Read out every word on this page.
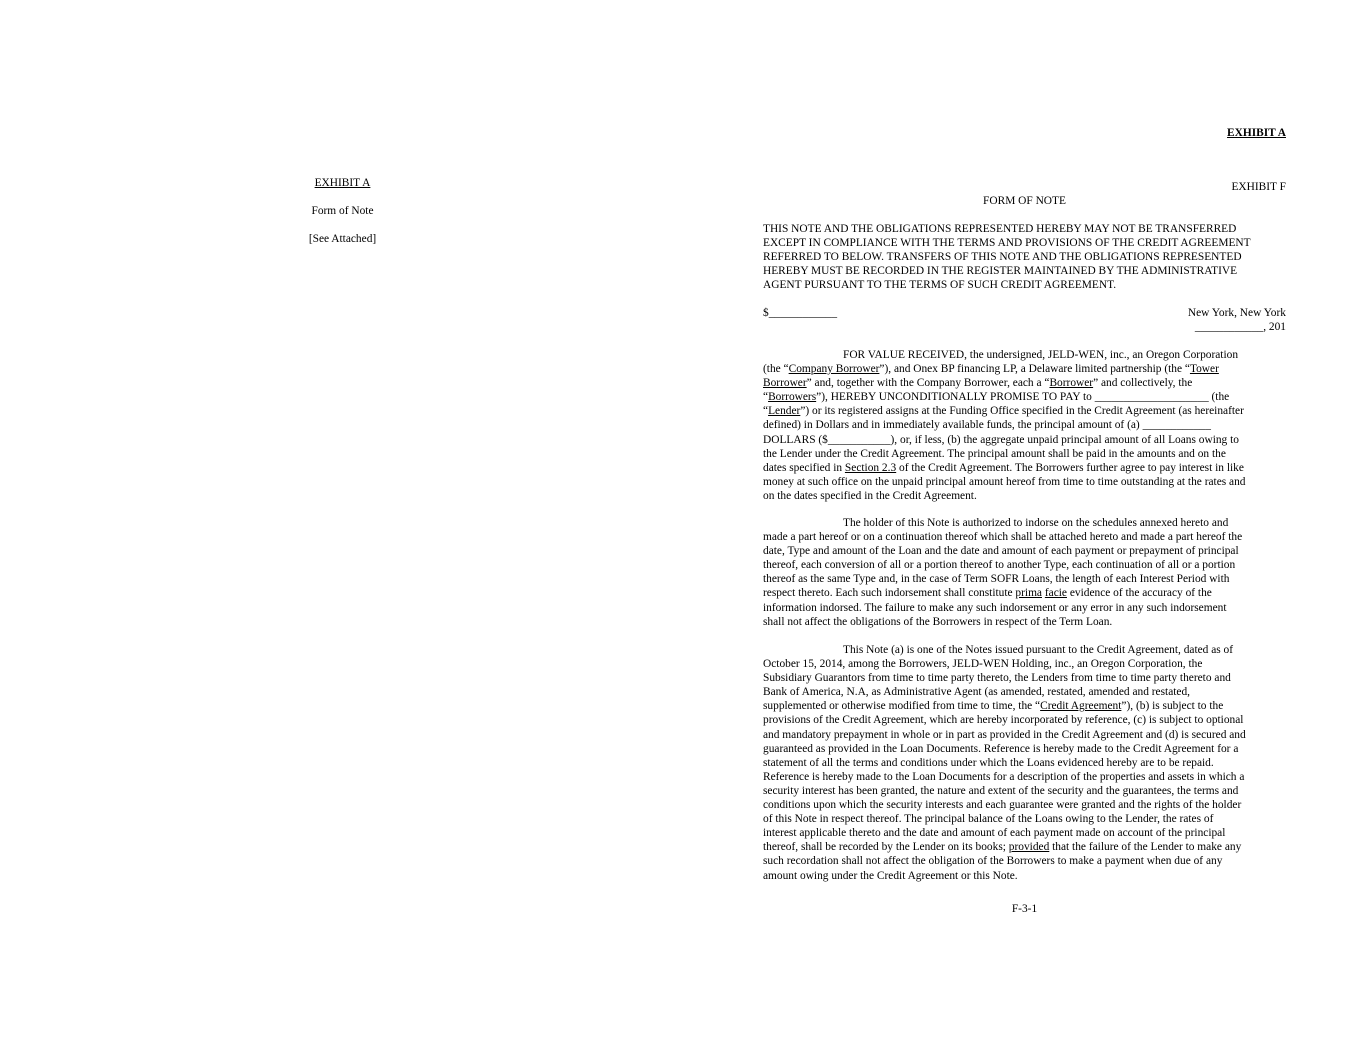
EXHIBIT A
Form of Note
[See Attached]
EXHIBIT A
EXHIBIT F
FORM OF NOTE
THIS NOTE AND THE OBLIGATIONS REPRESENTED HEREBY MAY NOT BE TRANSFERRED
EXCEPT IN COMPLIANCE WITH THE TERMS AND PROVISIONS OF THE CREDIT AGREEMENT
REFERRED TO BELOW. TRANSFERS OF THIS NOTE AND THE OBLIGATIONS REPRESENTED
HEREBY MUST BE RECORDED IN THE REGISTER MAINTAINED BY THE ADMINISTRATIVE
AGENT PURSUANT TO THE TERMS OF SUCH CREDIT AGREEMENT.
$____________	New York, New York
____________, 201
FOR VALUE RECEIVED, the undersigned, JELD-WEN, inc., an Oregon Corporation
(the “Company Borrower”), and Onex BP financing LP, a Delaware limited partnership (the “Tower
Borrower” and, together with the Company Borrower, each a “Borrower” and collectively, the
“Borrowers”), HEREBY UNCONDITIONALLY PROMISE TO PAY to ____________________ (the
“Lender”) or its registered assigns at the Funding Office specified in the Credit Agreement (as hereinafter
defined) in Dollars and in immediately available funds, the principal amount of (a) ____________
DOLLARS ($___________), or, if less, (b) the aggregate unpaid principal amount of all Loans owing to
the Lender under the Credit Agreement. The principal amount shall be paid in the amounts and on the
dates specified in Section 2.3 of the Credit Agreement. The Borrowers further agree to pay interest in like
money at such office on the unpaid principal amount hereof from time to time outstanding at the rates and
on the dates specified in the Credit Agreement.
The holder of this Note is authorized to indorse on the schedules annexed hereto and
made a part hereof or on a continuation thereof which shall be attached hereto and made a part hereof the
date, Type and amount of the Loan and the date and amount of each payment or prepayment of principal
thereof, each conversion of all or a portion thereof to another Type, each continuation of all or a portion
thereof as the same Type and, in the case of Term SOFR Loans, the length of each Interest Period with
respect thereto. Each such indorsement shall constitute prima facie evidence of the accuracy of the
information indorsed. The failure to make any such indorsement or any error in any such indorsement
shall not affect the obligations of the Borrowers in respect of the Term Loan.
This Note (a) is one of the Notes issued pursuant to the Credit Agreement, dated as of
October 15, 2014, among the Borrowers, JELD-WEN Holding, inc., an Oregon Corporation, the
Subsidiary Guarantors from time to time party thereto, the Lenders from time to time party thereto and
Bank of America, N.A, as Administrative Agent (as amended, restated, amended and restated,
supplemented or otherwise modified from time to time, the “Credit Agreement”), (b) is subject to the
provisions of the Credit Agreement, which are hereby incorporated by reference, (c) is subject to optional
and mandatory prepayment in whole or in part as provided in the Credit Agreement and (d) is secured and
guaranteed as provided in the Loan Documents. Reference is hereby made to the Credit Agreement for a
statement of all the terms and conditions under which the Loans evidenced hereby are to be repaid.
Reference is hereby made to the Loan Documents for a description of the properties and assets in which a
security interest has been granted, the nature and extent of the security and the guarantees, the terms and
conditions upon which the security interests and each guarantee were granted and the rights of the holder
of this Note in respect thereof. The principal balance of the Loans owing to the Lender, the rates of
interest applicable thereto and the date and amount of each payment made on account of the principal
thereof, shall be recorded by the Lender on its books; provided that the failure of the Lender to make any
such recordation shall not affect the obligation of the Borrowers to make a payment when due of any
amount owing under the Credit Agreement or this Note.
F-3-1
